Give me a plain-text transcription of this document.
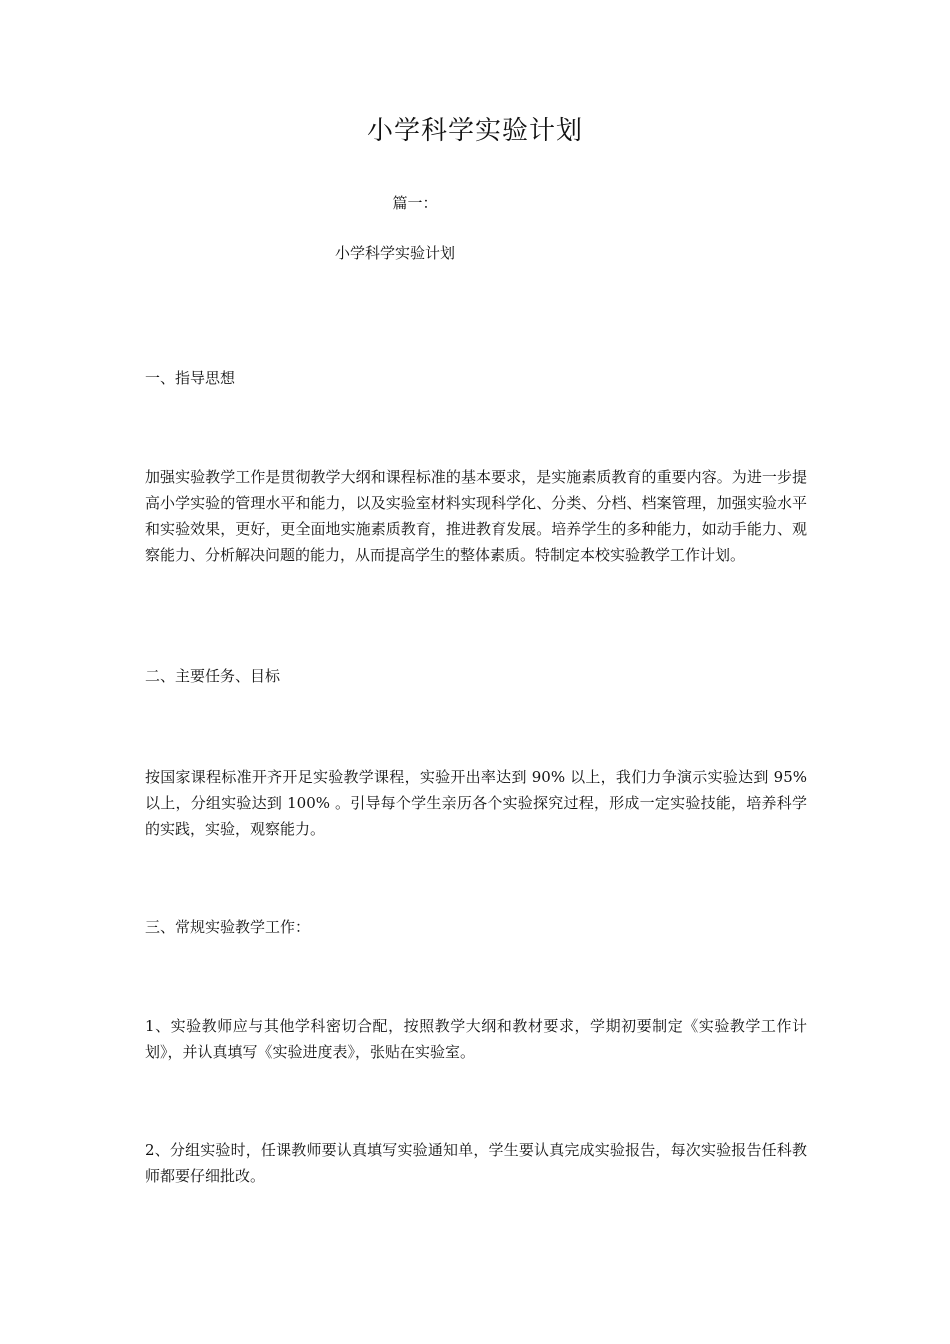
小学科学实验计划
篇一：
小学科学实验计划
一、指导思想
加强实验教学工作是贯彻教学大纲和课程标准的基本要求，是实施素质教育的重要内容。为进一步提高小学实验的管理水平和能力，以及实验室材料实现科学化、分类、分档、档案管理，加强实验水平和实验效果，更好，更全面地实施素质教育，推进教育发展。培养学生的多种能力，如动手能力、观察能力、分析解决问题的能力，从而提高学生的整体素质。特制定本校实验教学工作计划。
二、主要任务、目标
按国家课程标准开齐开足实验教学课程，实验开出率达到 90% 以上，我们力争演示实验达到 95% 以上，分组实验达到 100% 。引导每个学生亲历各个实验探究过程，形成一定实验技能，培养科学的实践，实验，观察能力。
三、常规实验教学工作：
1、实验教师应与其他学科密切合配，按照教学大纲和教材要求，学期初要制定《实验教学工作计划》，并认真填写《实验进度表》，张贴在实验室。
2、分组实验时，任课教师要认真填写实验通知单，学生要认真完成实验报告，每次实验报告任科教师都要仔细批改。
